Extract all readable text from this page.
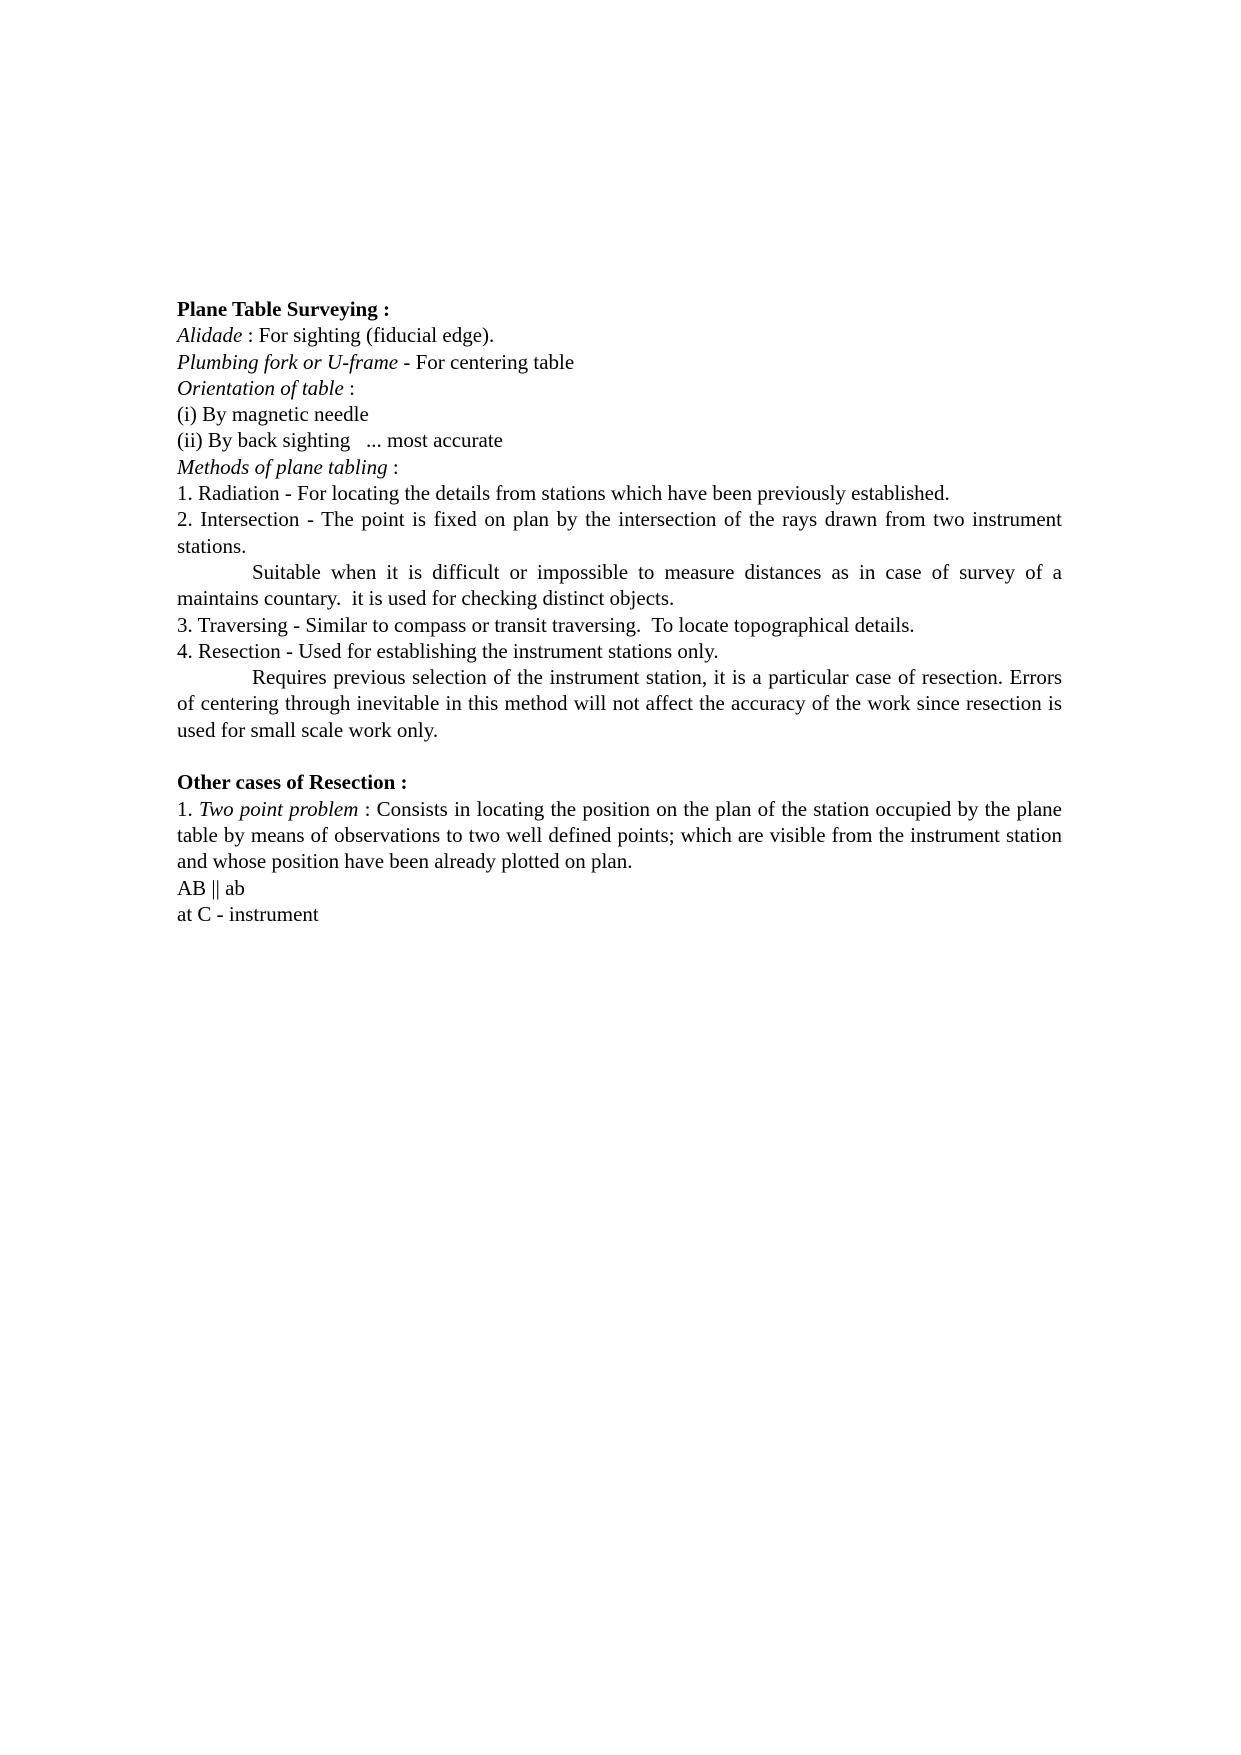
Plane Table Surveying :

Alidade : For sighting (fiducial edge).

Plumbing fork or U-frame - For centering table

Orientation of table :

(i) By magnetic needle

(ii) By back sighting   ... most accurate

Methods of plane tabling :

1. Radiation - For locating the details from stations which have been previously established.

2. Intersection - The point is fixed on plan by the intersection of the rays drawn from two instrument stations.

Suitable when it is difficult or impossible to measure distances as in case of survey of a maintains countary.  it is used for checking distinct objects.

3. Traversing - Similar to compass or transit traversing.  To locate topographical details.

4. Resection - Used for establishing the instrument stations only.

Requires previous selection of the instrument station, it is a particular case of resection. Errors of centering through inevitable in this method will not affect the accuracy of the work since resection is used for small scale work only.

Other cases of Resection :

1. Two point problem : Consists in locating the position on the plan of the station occupied by the plane table by means of observations to two well defined points; which are visible from the instrument station and whose position have been already plotted on plan.

AB || ab

at C - instrument
